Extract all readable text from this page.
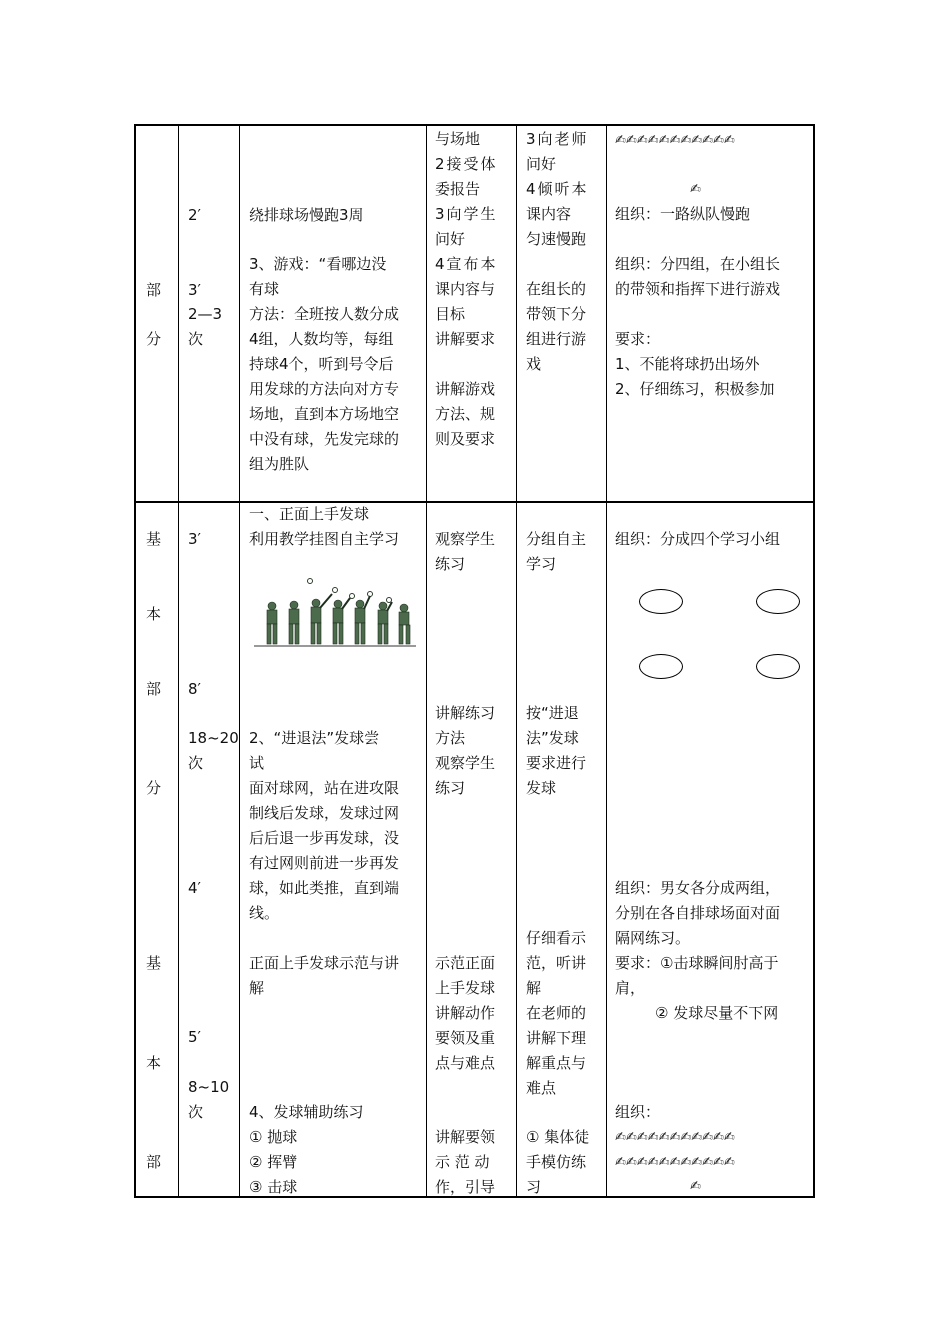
部
分
2′
3′
2—3
次
绕排球场慢跑3周
3、游戏：“看哪边没
有球
方法：全班按人数分成
4组，人数均等，每组
持球4个，听到号令后
用发球的方法向对方专
场地，直到本方场地空
中没有球，先发完球的
组为胜队
与场地
2接受体
委报告
3向学生
问好
4宣布本
课内容与
目标
讲解要求
讲解游戏
方法、规
则及要求
3向老师
问好
4倾听本
课内容
匀速慢跑
在组长的
带领下分
组进行游
戏
✍✍✍✍✍✍✍✍✍✍✍
✍
组织：一路纵队慢跑
组织：分四组，在小组长
的带领和指挥下进行游戏
要求：
1、不能将球扔出场外
2、仔细练习，积极参加
基
本
部
分
基
本
部
3′
8′
18~20
次
4′
5′
8~10
次
一、正面上手发球
利用教学挂图自主学习
2、“进退法”发球尝
试
面对球网，站在进攻限
制线后发球，发球过网
后后退一步再发球，没
有过网则前进一步再发
球，如此类推，直到端
线。
正面上手发球示范与讲
解
4、发球辅助练习
① 抛球
② 挥臂
③ 击球
观察学生
练习
讲解练习
方法
观察学生
练习
示范正面
上手发球
讲解动作
要领及重
点与难点
讲解要领
示 范 动
作，引导
分组自主
学习
按“进退
法”发球
要求进行
发球
仔细看示
范，听讲
解
在老师的
讲解下理
解重点与
难点
① 集体徒
手模仿练
习
组织：分成四个学习小组
组织：男女各分成两组，
分别在各自排球场面对面
隔网练习。
要求：①击球瞬间肘高于
肩，
② 发球尽量不下网
组织：
✍✍✍✍✍✍✍✍✍✍✍
✍✍✍✍✍✍✍✍✍✍✍
✍
